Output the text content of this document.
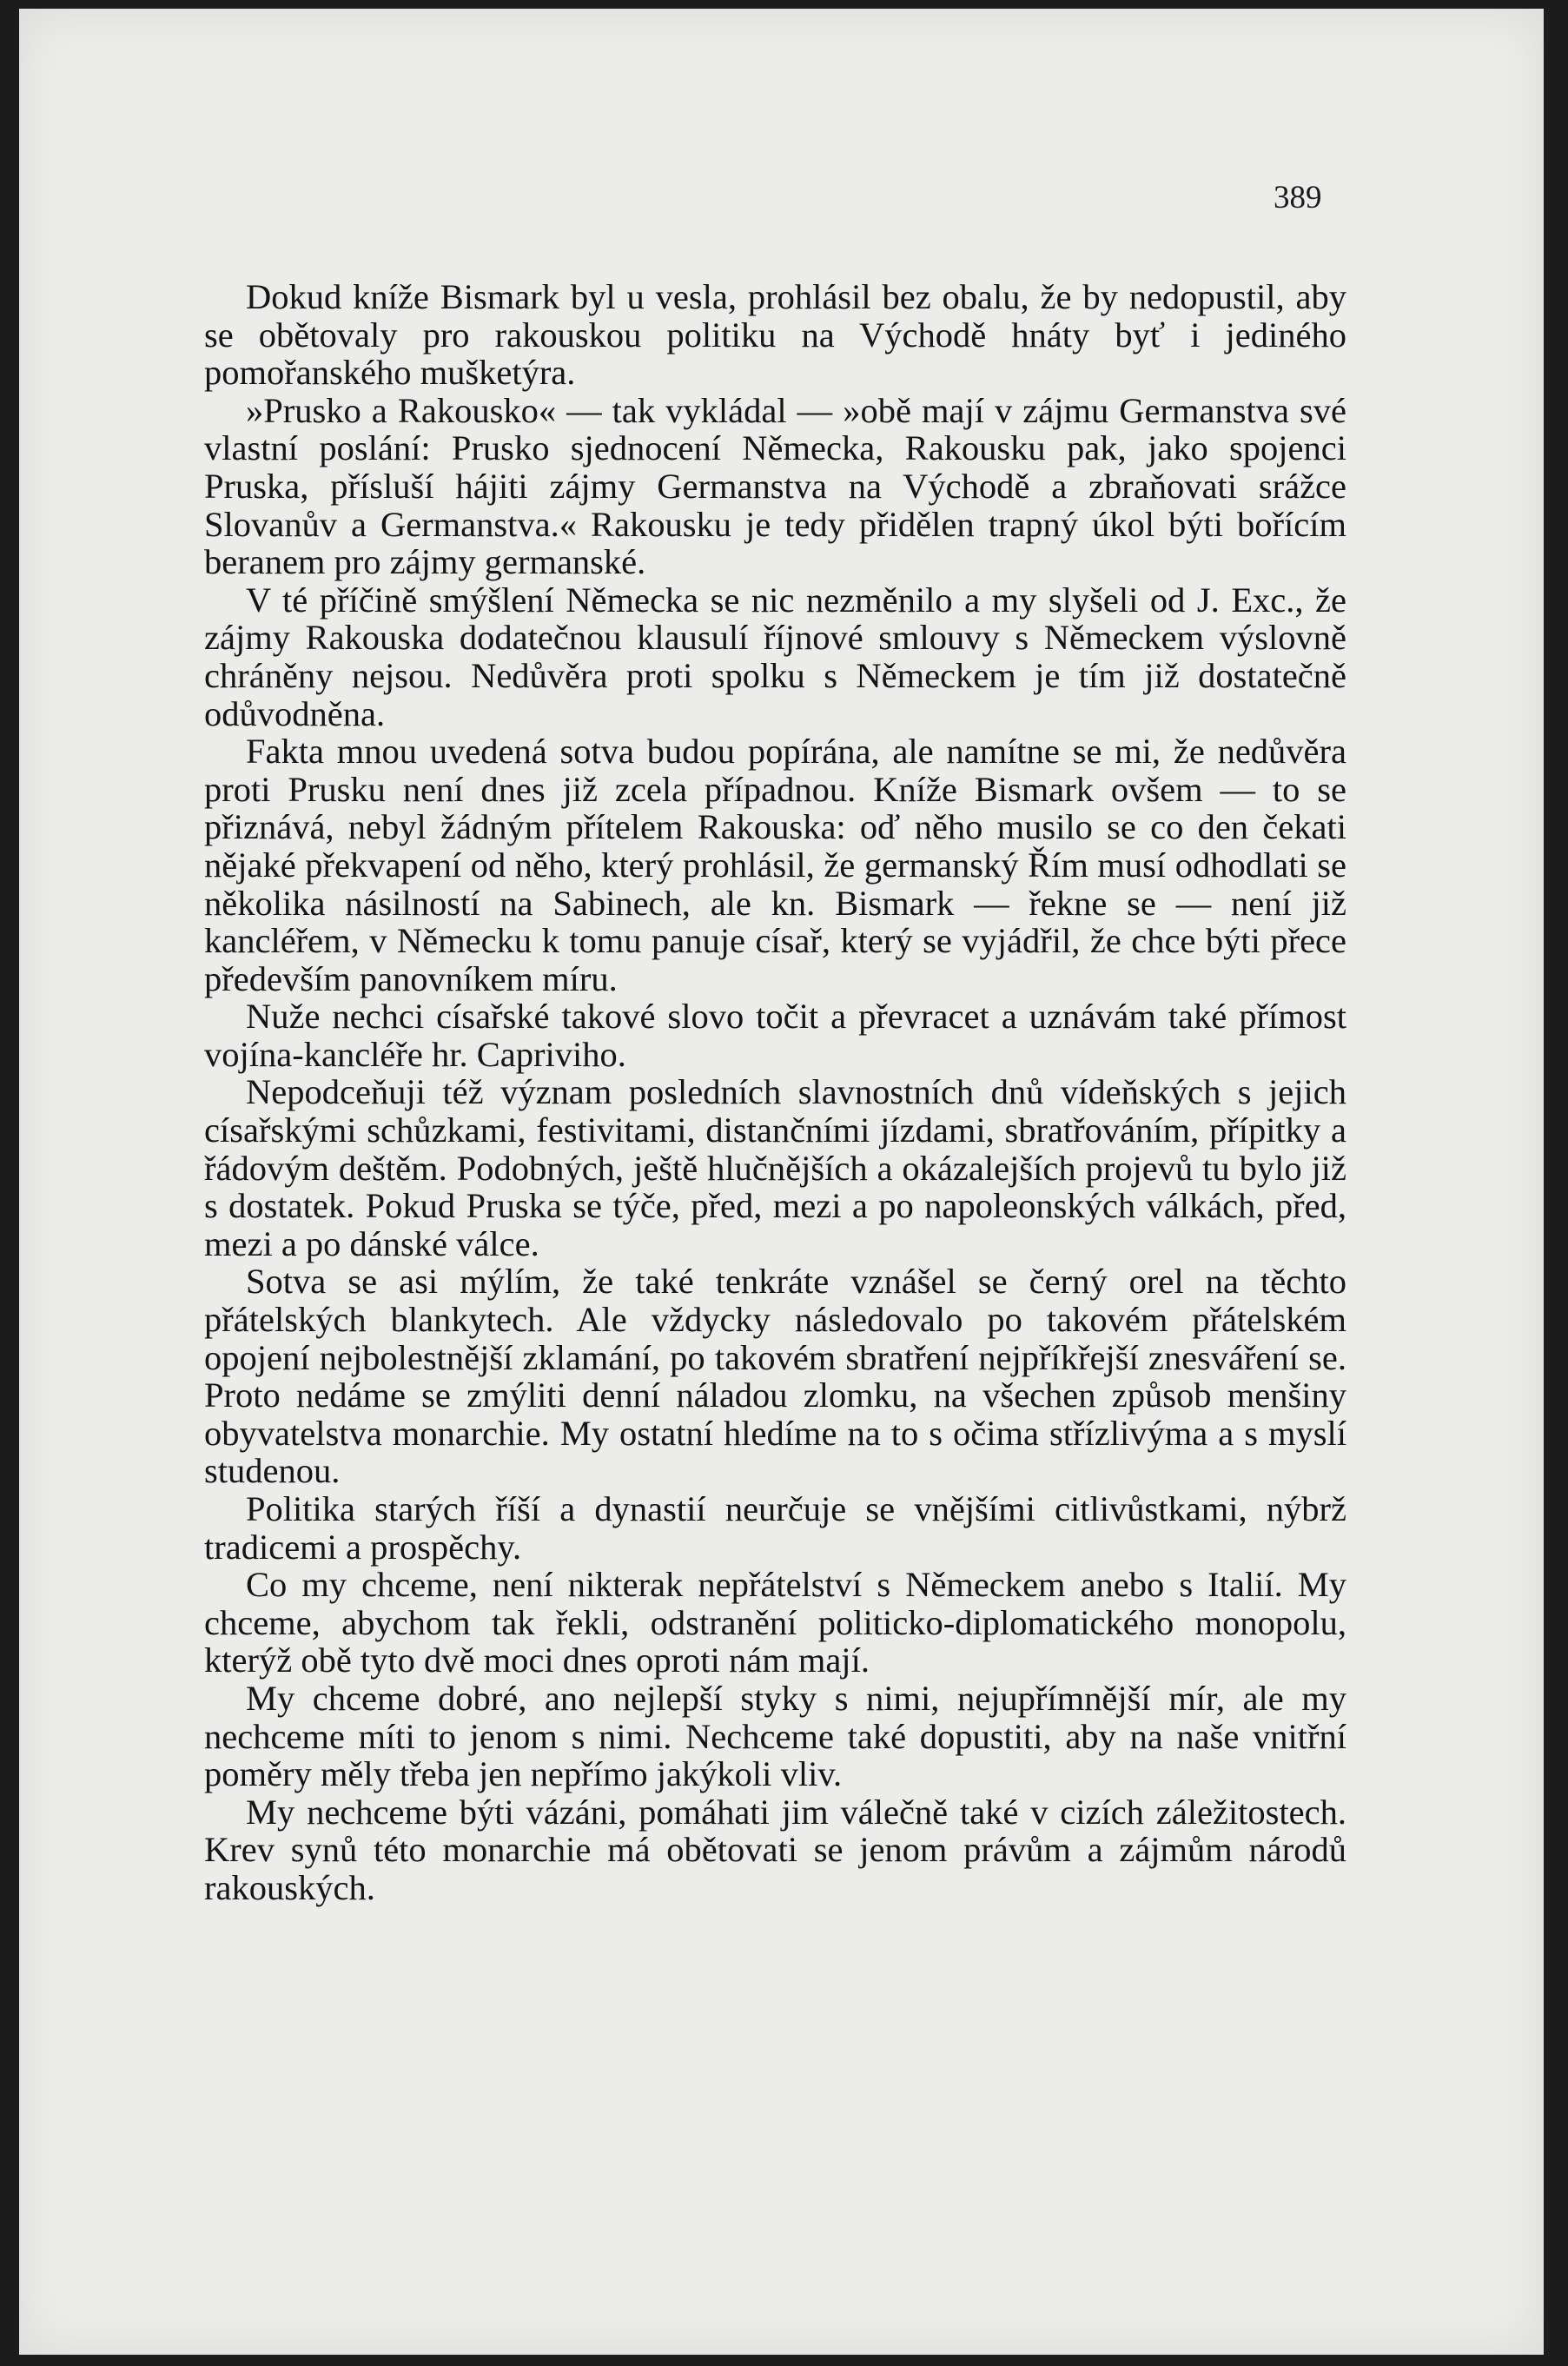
389

Dokud kníže Bismark byl u vesla, prohlásil bez obalu, že by nedopustil, aby se obětovaly pro rakouskou politiku na Východě hnáty byť i jediného pomořanského mušketýra.

»Prusko a Rakousko« — tak vykládal — »obě mají v zájmu Germanstva své vlastní poslání: Prusko sjednocení Německa, Rakousku pak, jako spojenci Pruska, přísluší hájiti zájmy Germanstva na Východě a zbraňovati srážce Slovanův a Germanstva.« Rakousku je tedy přidělen trapný úkol býti bořícím beranem pro zájmy germanské.

V té příčině smýšlení Německa se nic nezměnilo a my slyšeli od J. Exc., že zájmy Rakouska dodatečnou klausulí říjnové smlouvy s Německem výslovně chráněny nejsou. Nedůvěra proti spolku s Německem je tím již dostatečně odůvodněna.

Fakta mnou uvedená sotva budou popírána, ale namítne se mi, že nedůvěra proti Prusku není dnes již zcela případnou. Kníže Bismark ovšem — to se přiznává, nebyl žádným přítelem Rakouska: oď něho musilo se co den čekati nějaké překvapení od něho, který prohlásil, že germanský Řím musí odhodlati se několika násilností na Sabinech, ale kn. Bismark — řekne se — není již kancléřem, v Německu k tomu panuje císař, který se vyjádřil, že chce býti přece především panovníkem míru.

Nuže nechci císařské takové slovo točit a převracet a uznávám také přímost vojína-kancléře hr. Capriviho.

Nepodceňuji též význam posledních slavnostních dnů vídeňských s jejich císařskými schůzkami, festivitami, distančními jízdami, sbratřováním, přípitky a řádovým deštěm. Podobných, ještě hlučnějších a okázalejších projevů tu bylo již s dostatek. Pokud Pruska se týče, před, mezi a po napoleonských válkách, před, mezi a po dánské válce.

Sotva se asi mýlím, že také tenkráte vznášel se černý orel na těchto přátelských blankytech. Ale vždycky následovalo po takovém přátelském opojení nejbolestnější zklamání, po takovém sbratření nejpříkřejší znesváření se. Proto nedáme se zmýliti denní náladou zlomku, na všechen způsob menšiny obyvatelstva monarchie. My ostatní hledíme na to s očima střízlivýma a s myslí studenou.

Politika starých říší a dynastií neurčuje se vnějšími citlivůstkami, nýbrž tradicemi a prospěchy.

Co my chceme, není nikterak nepřátelství s Německem anebo s Italií. My chceme, abychom tak řekli, odstranění politicko-diplomatického monopolu, kterýž obě tyto dvě moci dnes oproti nám mají.

My chceme dobré, ano nejlepší styky s nimi, nejupřímnější mír, ale my nechceme míti to jenom s nimi. Nechceme také dopustiti, aby na naše vnitřní poměry měly třeba jen nepřímo jakýkoli vliv.

My nechceme býti vázáni, pomáhati jim válečně také v cizích záležitostech. Krev synů této monarchie má obětovati se jenom právům a zájmům národů rakouských.
